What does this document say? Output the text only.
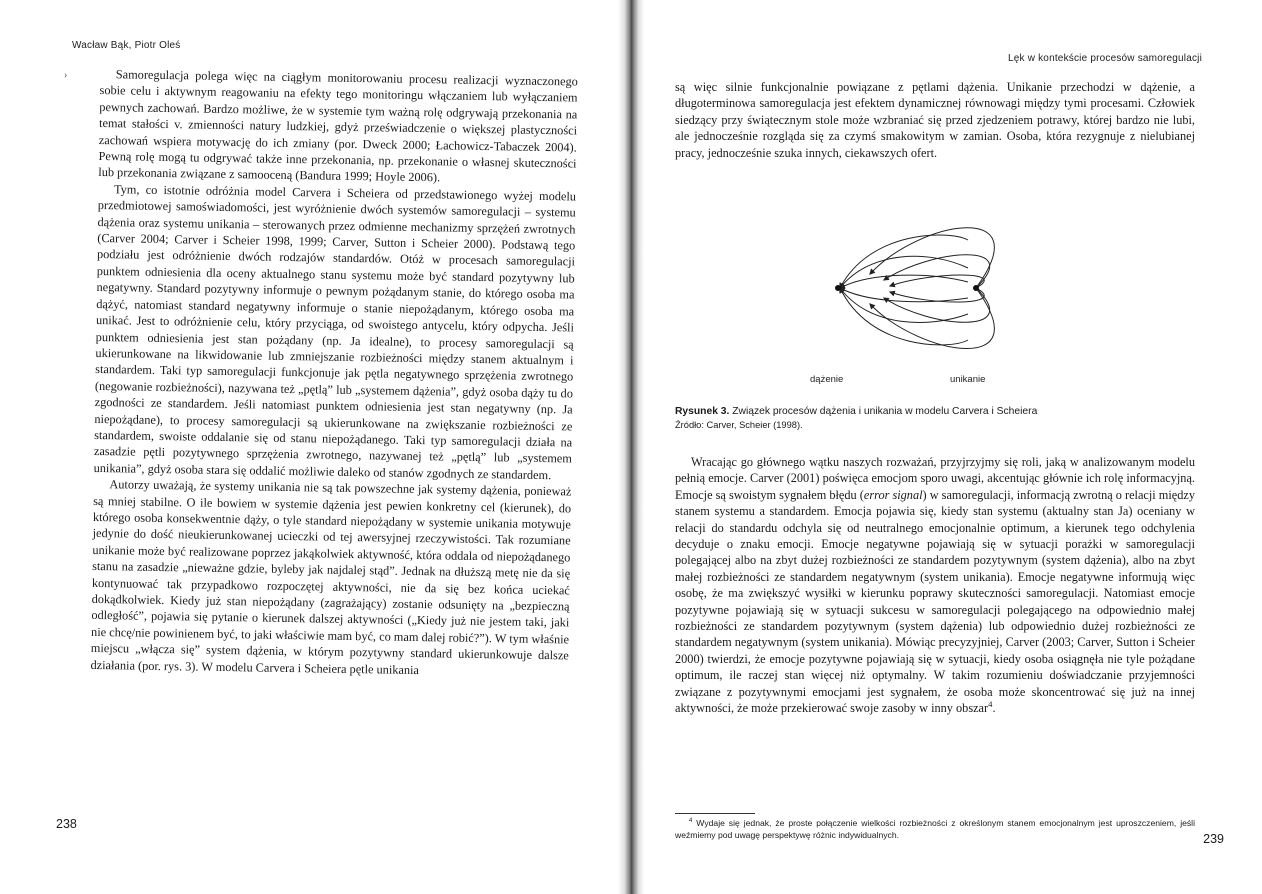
Wacław Bąk, Piotr Oleś
›	Samoregulacja polega więc na ciągłym monitorowaniu procesu realizacji wyznaczonego sobie celu i aktywnym reagowaniu na efekty tego monitoringu włączaniem lub wyłączaniem pewnych zachowań. Bardzo możliwe, że w systemie tym ważną rolę odgrywają przekonania na temat stałości v. zmienności natury ludzkiej, gdyż przeświadczenie o większej plastyczności zachowań wspiera motywację do ich zmiany (por. Dweck 2000; Łachowicz-Tabaczek 2004). Pewną rolę mogą tu odgrywać także inne przekonania, np. przekonanie o własnej skuteczności lub przekonania związane z samooceną (Bandura 1999; Hoyle 2006).

Tym, co istotnie odróżnia model Carvera i Scheiera od przedstawionego wyżej modelu przedmiotowej samoświadomości, jest wyróżnienie dwóch systemów samoregulacji – systemu dążenia oraz systemu unikania – sterowanych przez odmienne mechanizmy sprzężeń zwrotnych (Carver 2004; Carver i Scheier 1998, 1999; Carver, Sutton i Scheier 2000). Podstawą tego podziału jest odróżnienie dwóch rodzajów standardów. Otóż w procesach samoregulacji punktem odniesienia dla oceny aktualnego stanu systemu może być standard pozytywny lub negatywny. Standard pozytywny informuje o pewnym pożądanym stanie, do którego osoba ma dążyć, natomiast standard negatywny informuje o stanie niepożądanym, którego osoba ma unikać. Jest to odróżnienie celu, który przyciąga, od swoistego antycelu, który odpycha. Jeśli punktem odniesienia jest stan pożądany (np. Ja idealne), to procesy samoregulacji są ukierunkowane na likwidowanie lub zmniejszanie rozbieżności między stanem aktualnym i standardem. Taki typ samoregulacji funkcjonuje jak pętla negatywnego sprzężenia zwrotnego (negowanie rozbieżności), nazywana też „pętlą” lub „systemem dążenia”, gdyż osoba dąży tu do zgodności ze standardem. Jeśli natomiast punktem odniesienia jest stan negatywny (np. Ja niepożądane), to procesy samoregulacji są ukierunkowane na zwiększanie rozbieżności ze standardem, swoiste oddalanie się od stanu niepożądanego. Taki typ samoregulacji działa na zasadzie pętli pozytywnego sprzężenia zwrotnego, nazywanej też „pętlą” lub „systemem unikania”, gdyż osoba stara się oddalić możliwie daleko od stanów zgodnych ze standardem.

Autorzy uważają, że systemy unikania nie są tak powszechne jak systemy dążenia, ponieważ są mniej stabilne. O ile bowiem w systemie dążenia jest pewien konkretny cel (kierunek), do którego osoba konsekwentnie dąży, o tyle standard niepożądany w systemie unikania motywuje jedynie do dość nieukierunkowanej ucieczki od tej awersyjnej rzeczywistości. Tak rozumiane unikanie może być realizowane poprzez jakąkolwiek aktywność, która oddala od niepożądanego stanu na zasadzie „nieważne gdzie, byleby jak najdalej stąd”. Jednak na dłuższą metę nie da się kontynuować tak przypadkowo rozpoczętej aktywności, nie da się bez końca uciekać dokądkolwiek. Kiedy już stan niepożądany (zagrażający) zostanie odsunięty na „bezpieczną odległość”, pojawia się pytanie o kierunek dalszej aktywności („Kiedy już nie jestem taki, jaki nie chcę/nie powinienem być, to jaki właściwie mam być, co mam dalej robić?”). W tym właśnie miejscu „włącza się” system dążenia, w którym pozytywny standard ukierunkowuje dalsze działania (por. rys. 3). W modelu Carvera i Scheiera pętle unikania

238
Lęk w kontekście procesów samoregulacji

są więc silnie funkcjonalnie powiązane z pętlami dążenia. Unikanie przechodzi w dążenie, a długoterminowa samoregulacja jest efektem dynamicznej równowagi między tymi procesami. Człowiek siedzący przy świątecznym stole może wzbraniać się przed zjedzeniem potrawy, której bardzo nie lubi, ale jednocześnie rozgląda się za czymś smakowitym w zamian. Osoba, która rezygnuje z nielubianej pracy, jednocześnie szuka innych, ciekawszych ofert.

dążenie	unikanie
Rysunek 3. Związek procesów dążenia i unikania w modelu Carvera i Scheiera
Źródło: Carver, Scheier (1998).

Wracając go głównego wątku naszych rozważań, przyjrzyjmy się roli, jaką w analizowanym modelu pełnią emocje. Carver (2001) poświęca emocjom sporo uwagi, akcentując głównie ich rolę informacyjną. Emocje są swoistym sygnałem błędu (error signal) w samoregulacji, informacją zwrotną o relacji między stanem systemu a standardem. Emocja pojawia się, kiedy stan systemu (aktualny stan Ja) oceniany w relacji do standardu odchyla się od neutralnego emocjonalnie optimum, a kierunek tego odchylenia decyduje o znaku emocji. Emocje negatywne pojawiają się w sytuacji porażki w samoregulacji polegającej albo na zbyt dużej rozbieżności ze standardem pozytywnym (system dążenia), albo na zbyt małej rozbieżności ze standardem negatywnym (system unikania). Emocje negatywne informują więc osobę, że ma zwiększyć wysiłki w kierunku poprawy skuteczności samoregulacji. Natomiast emocje pozytywne pojawiają się w sytuacji sukcesu w samoregulacji polegającego na odpowiednio małej rozbieżności ze standardem pozytywnym (system dążenia) lub odpowiednio dużej rozbieżności ze standardem negatywnym (system unikania). Mówiąc precyzyjniej, Carver (2003; Carver, Sutton i Scheier 2000) twierdzi, że emocje pozytywne pojawiają się w sytuacji, kiedy osoba osiągnęła nie tyle pożądane optimum, ile raczej stan więcej niż optymalny. W takim rozumieniu doświadczanie przyjemności związane z pozytywnymi emocjami jest sygnałem, że osoba może skoncentrować się już na innej aktywności, że może przekierować swoje zasoby w inny obszar$^4$.

$^4$ Wydaje się jednak, że proste połączenie wielkości rozbieżności z określonym stanem emocjonalnym jest uproszczeniem, jeśli weźmiemy pod uwagę perspektywę różnic indywidualnych.	239
